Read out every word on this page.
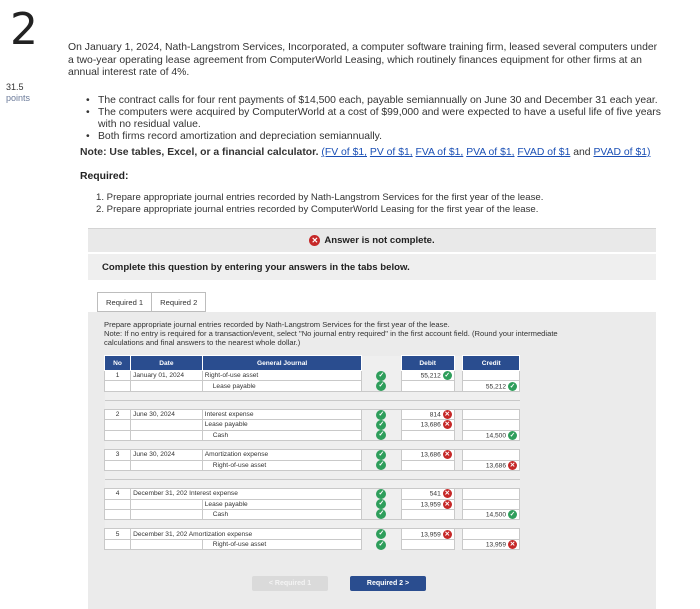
2
31.5
points
On January 1, 2024, Nath-Langstrom Services, Incorporated, a computer software training firm, leased several computers under a two-year operating lease agreement from ComputerWorld Leasing, which routinely finances equipment for other firms at an annual interest rate of 4%.
• The contract calls for four rent payments of $14,500 each, payable semiannually on June 30 and December 31 each year.
• The computers were acquired by ComputerWorld at a cost of $99,000 and were expected to have a useful life of five years with no residual value.
• Both firms record amortization and depreciation semiannually.
Note: Use tables, Excel, or a financial calculator. (FV of $1, PV of $1, FVA of $1, PVA of $1, FVAD of $1 and PVAD of $1)
Required:
1. Prepare appropriate journal entries recorded by Nath-Langstrom Services for the first year of the lease.
2. Prepare appropriate journal entries recorded by ComputerWorld Leasing for the first year of the lease.
✕ Answer is not complete.
Complete this question by entering your answers in the tabs below.
Required 1	Required 2
Prepare appropriate journal entries recorded by Nath-Langstrom Services for the first year of the lease.
Note: If no entry is required for a transaction/event, select "No journal entry required" in the first account field. (Round your intermediate calculations and final answers to the nearest whole dollar.)
No	Date	General Journal		Debit		Credit
1	January 01, 2024	Right-of-use asset	✓	55,212 ✓		
		Lease payable	✓			55,212 ✓

2	June 30, 2024	Interest expense	✓	814 ✕		
		Lease payable	✓	13,686 ✕		
		Cash	✓			14,500 ✓

3	June 30, 2024	Amortization expense	✓	13,686 ✕		
		Right-of-use asset	✓			13,686 ✕

4	December 31, 202 Interest expense		✓	541 ✕		
		Lease payable	✓	13,959 ✕		
		Cash	✓			14,500 ✓

5	December 31, 202 Amortization expense		✓	13,959 ✕		
		Right-of-use asset	✓			13,959 ✕
< Required 1	Required 2 >
